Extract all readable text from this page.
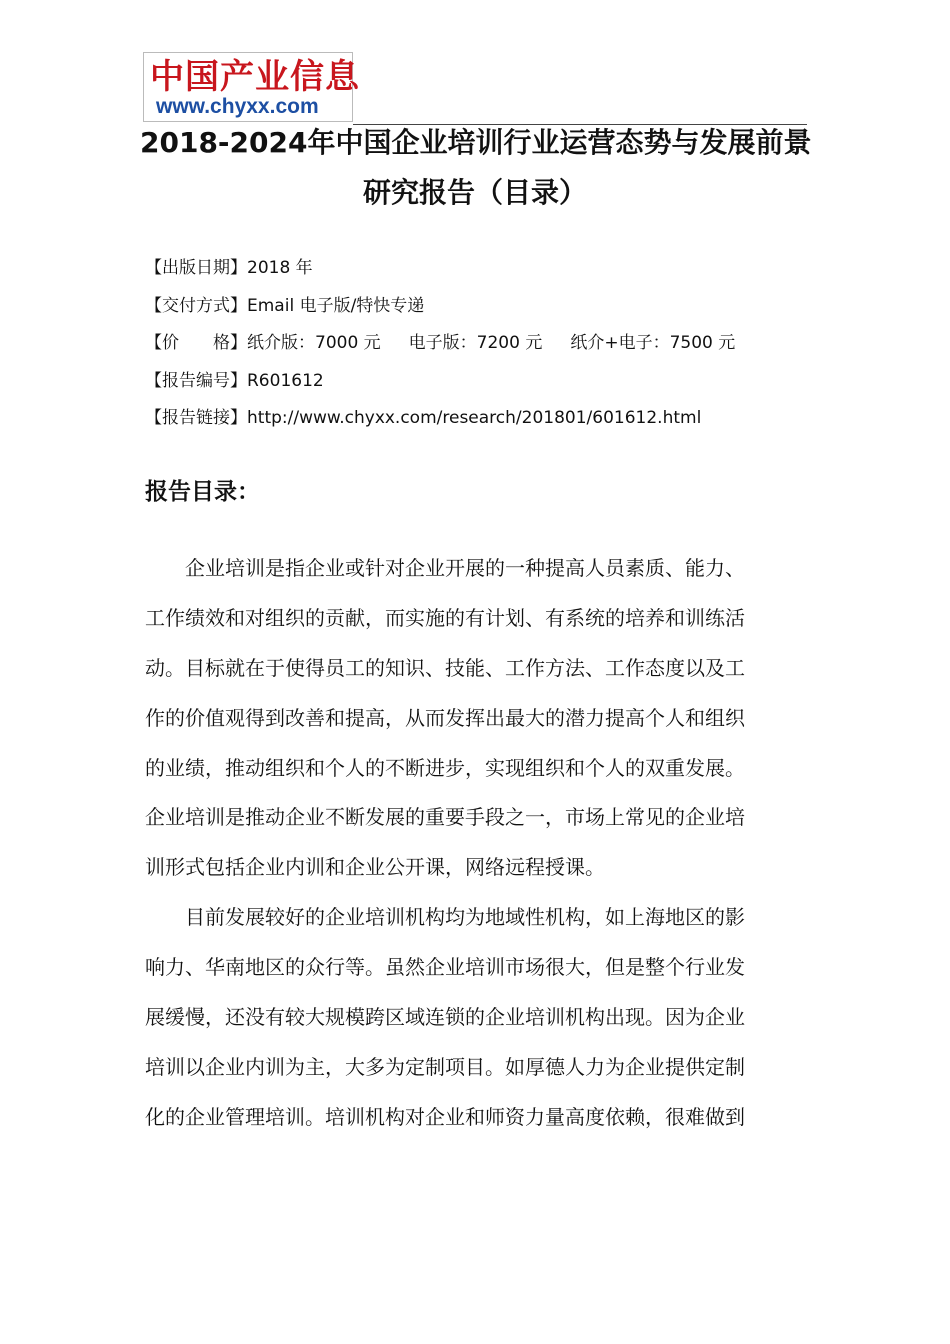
中国产业信息
www.chyxx.com
2018-2024年中国企业培训行业运营态势与发展前景
研究报告（目录）
【出版日期】2018 年
【交付方式】Email 电子版/特快专递
【价　　格】纸介版：7000 元 电子版：7200 元 纸介+电子：7500 元
【报告编号】R601612
【报告链接】http://www.chyxx.com/research/201801/601612.html
报告目录：
　　企业培训是指企业或针对企业开展的一种提高人员素质、能力、
工作绩效和对组织的贡献，而实施的有计划、有系统的培养和训练活
动。目标就在于使得员工的知识、技能、工作方法、工作态度以及工
作的价值观得到改善和提高，从而发挥出最大的潜力提高个人和组织
的业绩，推动组织和个人的不断进步，实现组织和个人的双重发展。
企业培训是推动企业不断发展的重要手段之一，市场上常见的企业培
训形式包括企业内训和企业公开课，网络远程授课。
　　目前发展较好的企业培训机构均为地域性机构，如上海地区的影
响力、华南地区的众行等。虽然企业培训市场很大，但是整个行业发
展缓慢，还没有较大规模跨区域连锁的企业培训机构出现。因为企业
培训以企业内训为主，大多为定制项目。如厚德人力为企业提供定制
化的企业管理培训。培训机构对企业和师资力量高度依赖，很难做到
